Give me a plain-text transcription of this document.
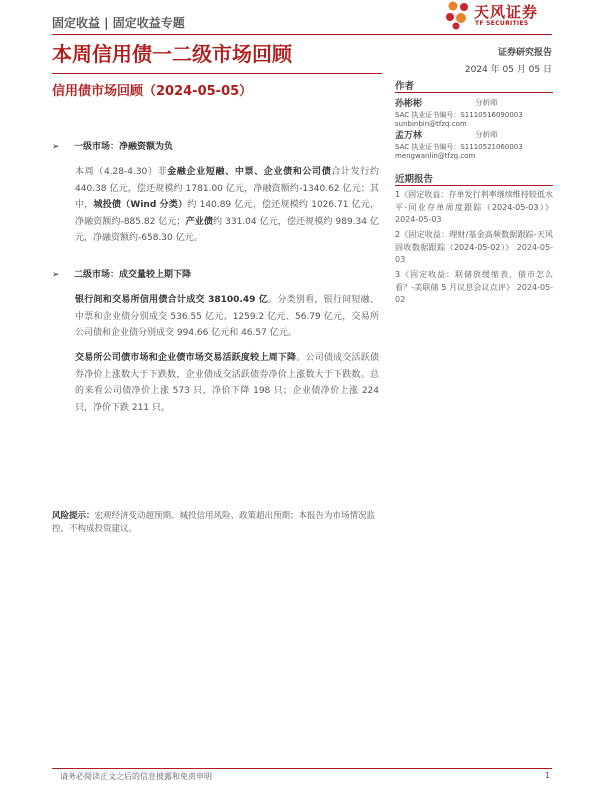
固定收益 | 固定收益专题
天风证券
TF SECURITIES
本周信用债一二级市场回顾	证券研究报告
2024 年 05 月 05 日
信用债市场回顾（2024-05-05）
➢ 一级市场：净融资额为负
本周（4.28-4.30）非金融企业短融、中票、企业债和公司债合计发行约 440.38 亿元，偿还规模约 1781.00 亿元，净融资额约-1340.62 亿元；其中，城投债（Wind 分类）约 140.89 亿元，偿还规模约 1026.71 亿元，净融资额约-885.82 亿元；产业债约 331.04 亿元，偿还规模约 989.34 亿元，净融资额约-658.30 亿元。
➢ 二级市场：成交量较上期下降
银行间和交易所信用债合计成交 38100.49 亿。分类别看，银行间短融、中票和企业债分别成交 536.55 亿元、1259.2 亿元、56.79 亿元，交易所公司债和企业债分别成交 994.66 亿元和 46.57 亿元。
交易所公司债市场和企业债市场交易活跃度较上周下降。公司债成交活跃债券净价上涨数大于下跌数，企业债成交活跃债券净价上涨数大于下跌数。总的来看公司债净价上涨 573 只，净价下降 198 只；企业债净价上涨 224 只，净价下跌 211 只。
风险提示：宏观经济变动超预期、城投信用风险、政策超出预期；本报告为市场情况监控，不构成投资建议。
作者
孙彬彬	分析师
SAC 执业证书编号：S1110516090003
sunbinbin@tfzq.com
孟万林	分析师
SAC 执业证书编号：S1110521060003
mengwanlin@tfzq.com
近期报告
1《固定收益：存单发行利率继续维持较低水平-同业存单周度跟踪（2024-05-03）》 2024-05-03
2《固定收益：理财/基金高频数据跟踪-天风固收数据跟踪（2024-05-02）》 2024-05-03
3《固定收益：联储放缓缩表，债市怎么看？-美联储 5 月议息会议点评》 2024-05-02
请务必阅读正文之后的信息披露和免责申明	1
